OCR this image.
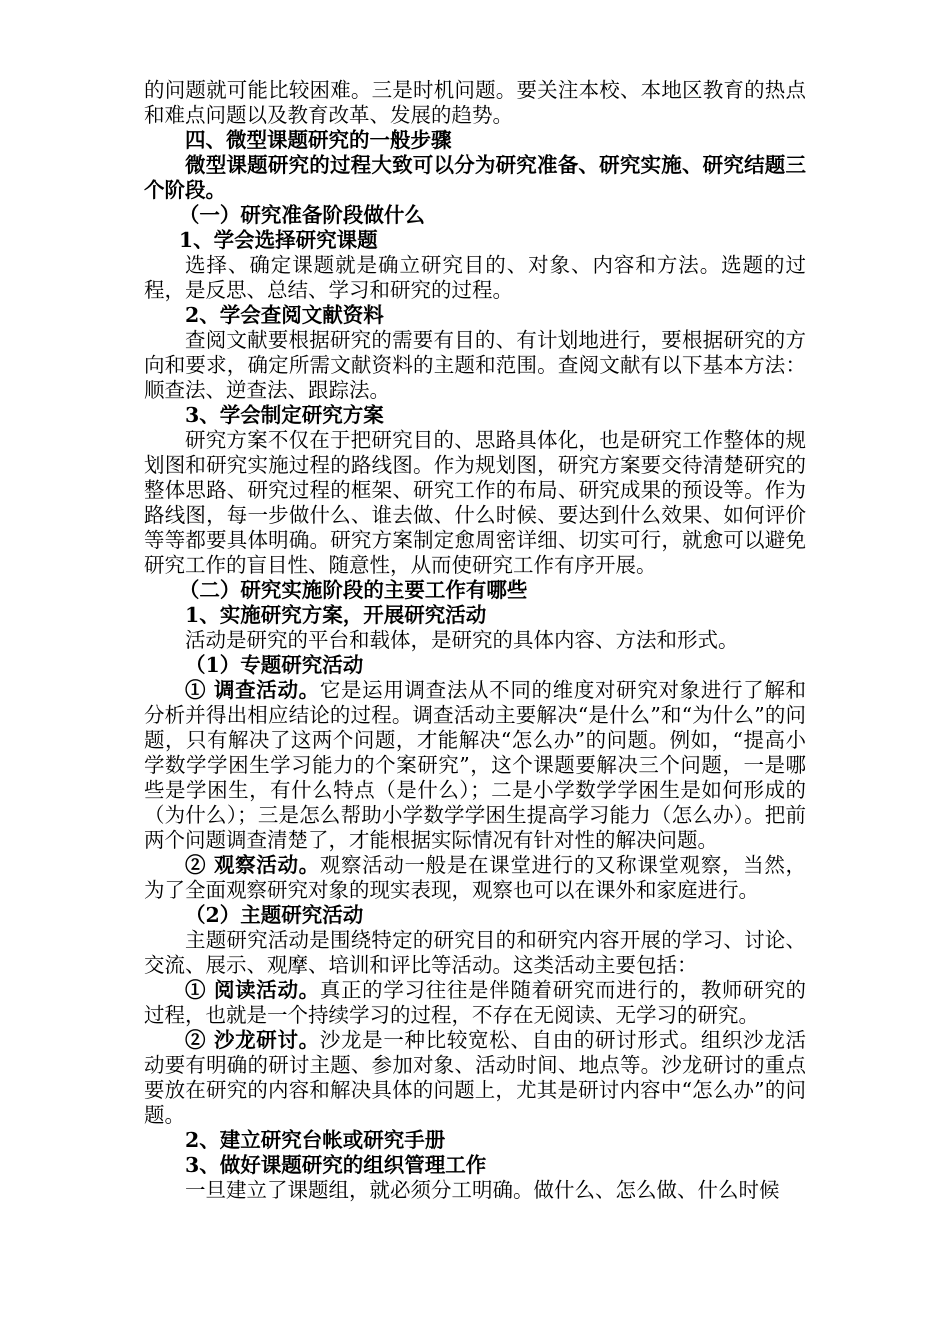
的问题就可能比较困难。三是时机问题。要关注本校、本地区教育的热点和难点问题以及教育改革、发展的趋势。

四、微型课题研究的一般步骤

微型课题研究的过程大致可以分为研究准备、研究实施、研究结题三个阶段。

（一）研究准备阶段做什么

1、学会选择研究课题

选择、确定课题就是确立研究目的、对象、内容和方法。选题的过程，是反思、总结、学习和研究的过程。

2、学会查阅文献资料

查阅文献要根据研究的需要有目的、有计划地进行，要根据研究的方向和要求，确定所需文献资料的主题和范围。查阅文献有以下基本方法：顺查法、逆查法、跟踪法。

3、学会制定研究方案

研究方案不仅在于把研究目的、思路具体化，也是研究工作整体的规划图和研究实施过程的路线图。作为规划图，研究方案要交待清楚研究的整体思路、研究过程的框架、研究工作的布局、研究成果的预设等。作为路线图，每一步做什么、谁去做、什么时候、要达到什么效果、如何评价等等都要具体明确。研究方案制定愈周密详细、切实可行，就愈可以避免研究工作的盲目性、随意性，从而使研究工作有序开展。

（二）研究实施阶段的主要工作有哪些

1、实施研究方案，开展研究活动

活动是研究的平台和载体，是研究的具体内容、方法和形式。

（1）专题研究活动

① 调查活动。它是运用调查法从不同的维度对研究对象进行了解和分析并得出相应结论的过程。调查活动主要解决“是什么”和“为什么”的问题，只有解决了这两个问题，才能解决“怎么办”的问题。例如，“提高小学数学学困生学习能力的个案研究”，这个课题要解决三个问题，一是哪些是学困生，有什么特点（是什么）；二是小学数学学困生是如何形成的（为什么）；三是怎么帮助小学数学学困生提高学习能力（怎么办）。把前两个问题调查清楚了，才能根据实际情况有针对性的解决问题。

② 观察活动。观察活动一般是在课堂进行的又称课堂观察，当然，为了全面观察研究对象的现实表现，观察也可以在课外和家庭进行。

（2）主题研究活动

主题研究活动是围绕特定的研究目的和研究内容开展的学习、讨论、交流、展示、观摩、培训和评比等活动。这类活动主要包括：

① 阅读活动。真正的学习往往是伴随着研究而进行的，教师研究的过程，也就是一个持续学习的过程，不存在无阅读、无学习的研究。

② 沙龙研讨。沙龙是一种比较宽松、自由的研讨形式。组织沙龙活动要有明确的研讨主题、参加对象、活动时间、地点等。沙龙研讨的重点要放在研究的内容和解决具体的问题上，尤其是研讨内容中“怎么办”的问题。

2、建立研究台帐或研究手册

3、做好课题研究的组织管理工作

一旦建立了课题组，就必须分工明确。做什么、怎么做、什么时候
